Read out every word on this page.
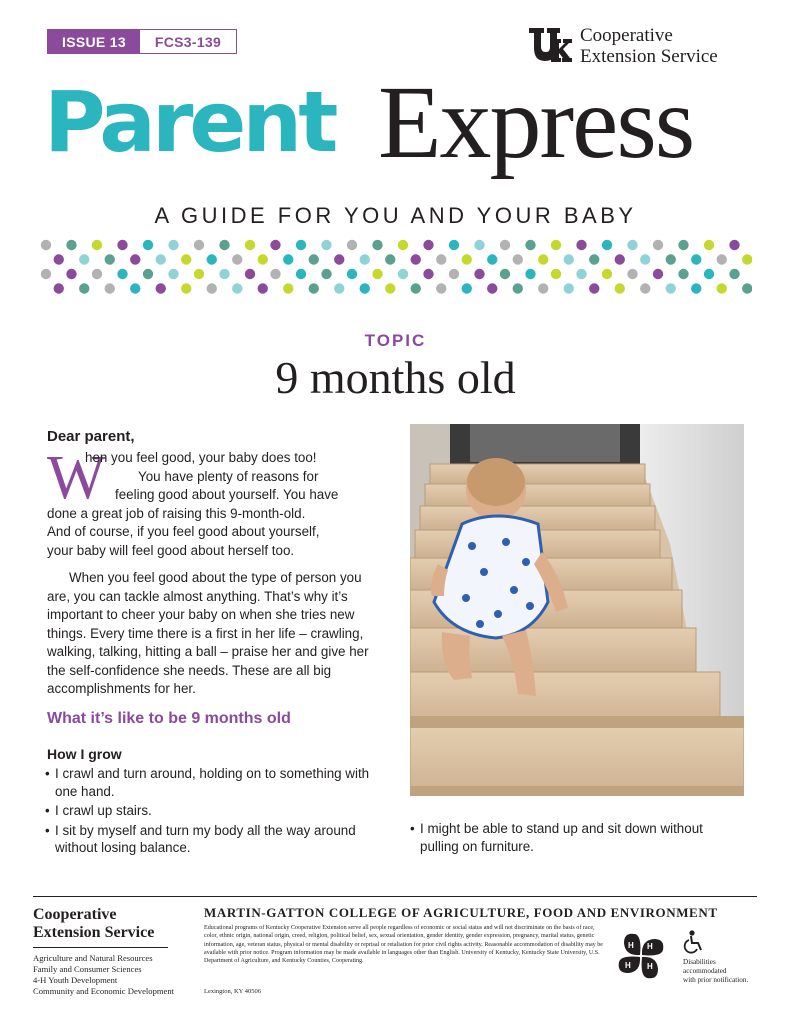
ISSUE 13	FCS3-139	Cooperative
Extension Service
Parent Express
A GUIDE FOR YOU AND YOUR BABY
TOPIC
9 months old
Dear parent,
W
hen you feel good, your baby does too!
You have plenty of reasons for
feeling good about yourself. You have
done a great job of raising this 9-month-old.
And of course, if you feel good about yourself,
your baby will feel good about herself too.
When you feel good about the type of person you are, you can tackle almost anything. That’s why it’s important to cheer your baby on when she tries new things. Every time there is a first in her life – crawling, walking, talking, hitting a ball – praise her and give her the self-confidence she needs. These are all big accomplishments for her.
What it’s like to be 9 months old
How I grow
• I crawl and turn around, holding on to something with one hand.
• I crawl up stairs.
• I sit by myself and turn my body all the way around without losing balance.
• I might be able to stand up and sit down without pulling on furniture.
Cooperative
Extension Service
Agriculture and Natural Resources
Family and Consumer Sciences
4-H Youth Development
Community and Economic Development
MARTIN-GATTON COLLEGE OF AGRICULTURE, FOOD AND ENVIRONMENT
Educational programs of Kentucky Cooperative Extension serve all people regardless of economic or social status and will not discriminate on the basis of race, color, ethnic origin, national origin, creed, religion, political belief, sex, sexual orientation, gender identity, gender expression, pregnancy, marital status, genetic information, age, veteran status, physical or mental disability or reprisal or retaliation for prior civil rights activity. Reasonable accommodation of disability may be available with prior notice. Program information may be made available in languages other than English. University of Kentucky, Kentucky State University, U.S. Department of Agriculture, and Kentucky Counties, Cooperating.
Lexington, KY 40506
H H
H H	Disabilities
accommodated
with prior notification.
